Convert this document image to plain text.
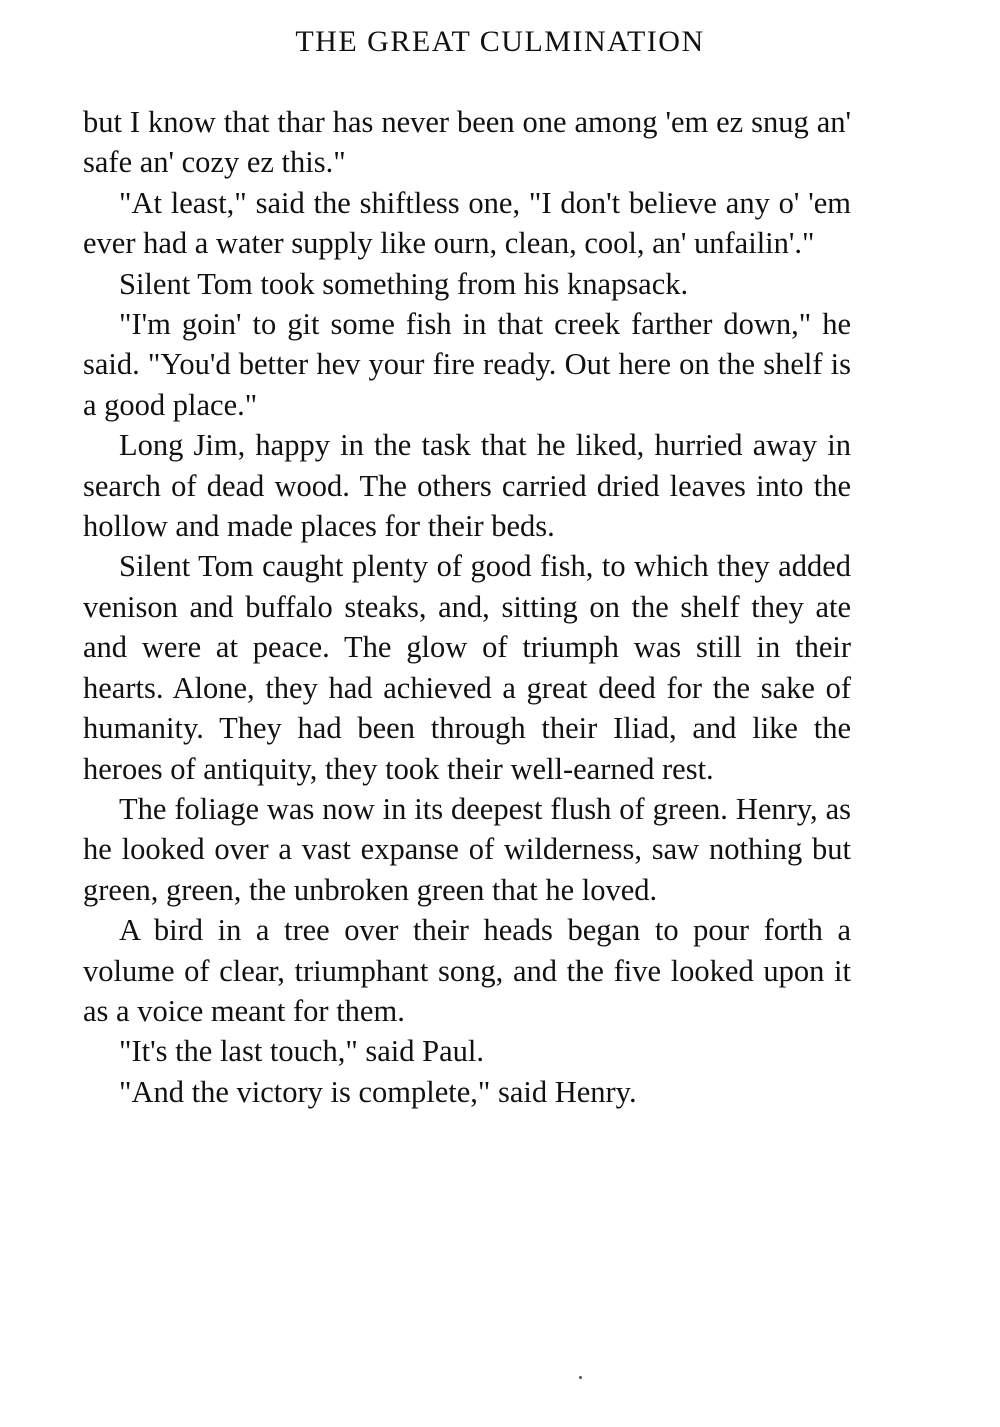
THE GREAT CULMINATION

but I know that thar has never been one among 'em ez snug an' safe an' cozy ez this."

"At least," said the shiftless one, "I don't believe any o' 'em ever had a water supply like ourn, clean, cool, an' unfailin'."

Silent Tom took something from his knapsack.

"I'm goin' to git some fish in that creek farther down," he said. "You'd better hev your fire ready. Out here on the shelf is a good place."

Long Jim, happy in the task that he liked, hurried away in search of dead wood. The others carried dried leaves into the hollow and made places for their beds.

Silent Tom caught plenty of good fish, to which they added venison and buffalo steaks, and, sitting on the shelf they ate and were at peace. The glow of triumph was still in their hearts. Alone, they had achieved a great deed for the sake of humanity. They had been through their Iliad, and like the heroes of antiquity, they took their well-earned rest.

The foliage was now in its deepest flush of green. Henry, as he looked over a vast expanse of wilderness, saw nothing but green, green, the unbroken green that he loved.

A bird in a tree over their heads began to pour forth a volume of clear, triumphant song, and the five looked upon it as a voice meant for them.

"It's the last touch," said Paul.

"And the victory is complete," said Henry.
